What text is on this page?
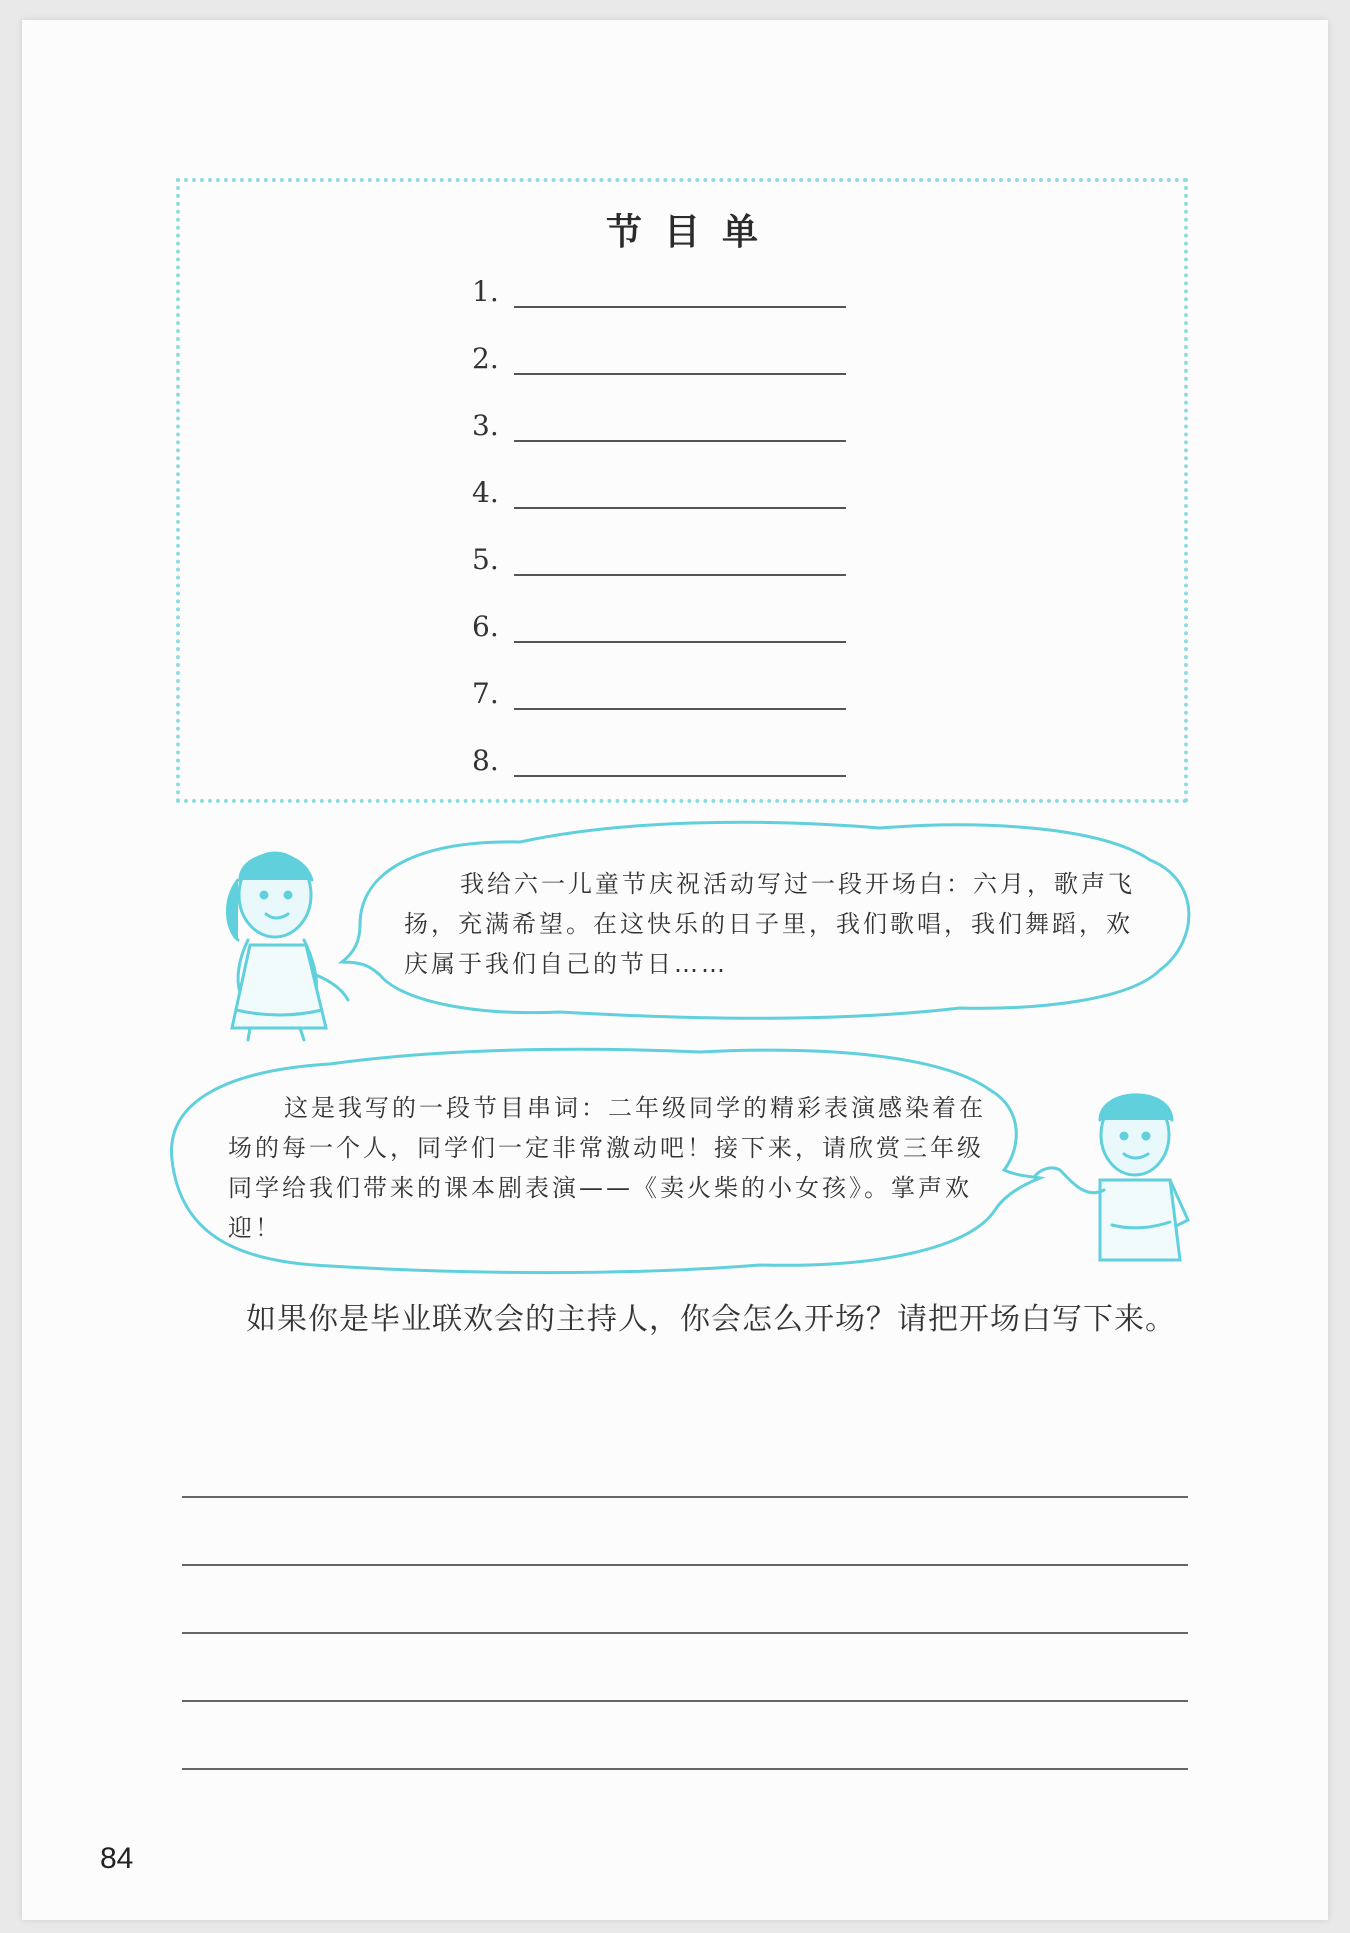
节目单
1.
2.
3.
4.
5.
6.
7.
8.

我给六一儿童节庆祝活动写过一段开场白：六月，歌声飞扬，充满希望。在这快乐的日子里，我们歌唱，我们舞蹈，欢庆属于我们自己的节日……

这是我写的一段节目串词：二年级同学的精彩表演感染着在场的每一个人，同学们一定非常激动吧！接下来，请欣赏三年级同学给我们带来的课本剧表演——《卖火柴的小女孩》。掌声欢迎！

如果你是毕业联欢会的主持人，你会怎么开场？请把开场白写下来。

84
